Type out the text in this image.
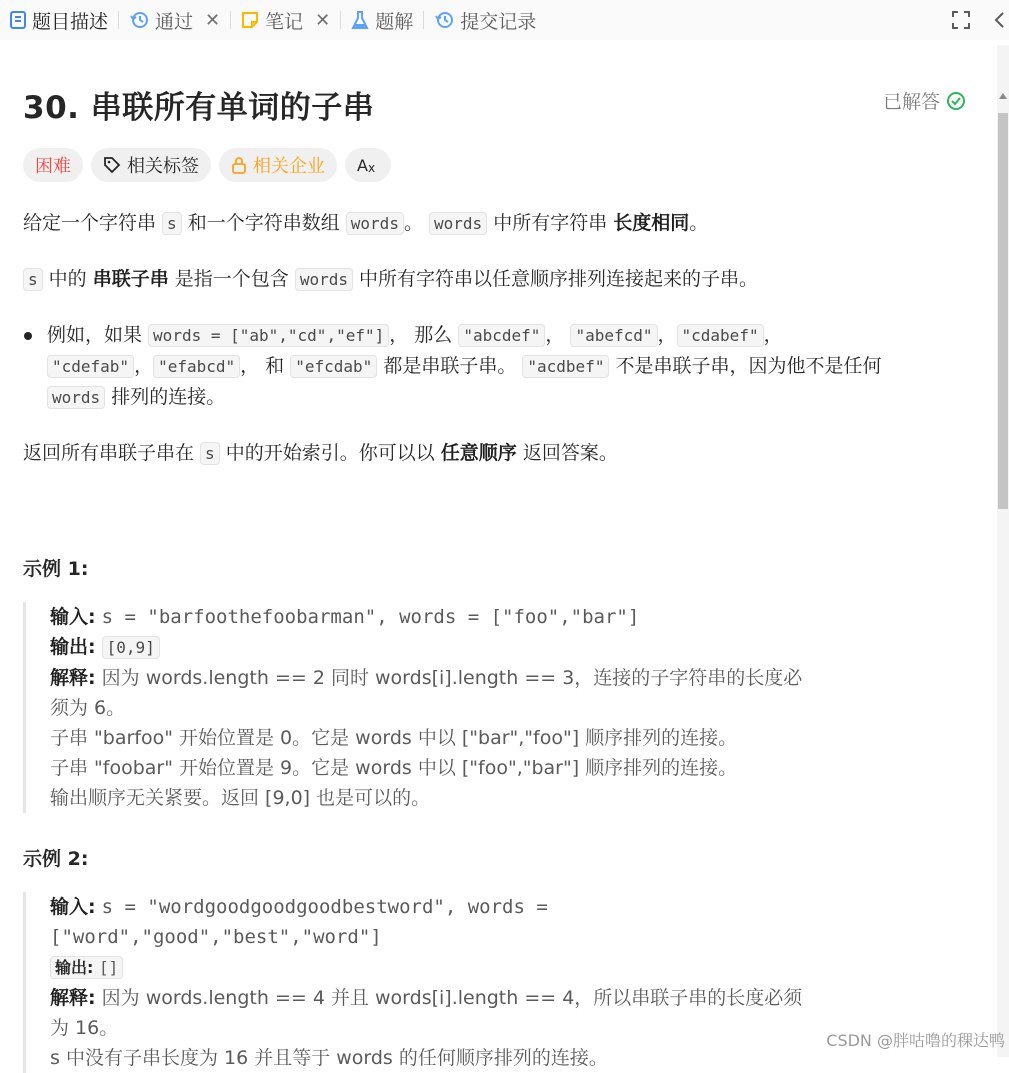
题目描述 通过 ✕ 笔记 ✕ 题解 提交记录
30. 串联所有单词的子串	已解答
困难	相关标签	相关企业 A x
给定一个字符串 s 和一个字符串数组 words 。 words 中所有字符串 长度相同。
s 中的 串联子串 是指一个包含 words 中所有字符串以任意顺序排列连接起来的子串。
例如，如果 words = ["ab","cd","ef"] ， 那么 "abcdef" ， "abefcd" ， "cdabef" ， "cdefab" ， "efabcd" ， 和 "efcdab" 都是串联子串。 "acdbef" 不是串联子串，因为他不是任何 words 排列的连接。
返回所有串联子串在 s 中的开始索引。你可以以 任意顺序 返回答案。
示例 1:
输入: s = "barfoothefoobarman", words = ["foo","bar"]
输出: [0,9]
解释: 因为 words.length == 2 同时 words[i].length == 3，连接的子字符串的长度必
须为 6。
子串 "barfoo" 开始位置是 0。它是 words 中以 ["bar","foo"] 顺序排列的连接。
子串 "foobar" 开始位置是 9。它是 words 中以 ["foo","bar"] 顺序排列的连接。
输出顺序无关紧要。返回 [9,0] 也是可以的。
示例 2:
输入: s = "wordgoodgoodgoodbestword", words =
["word","good","best","word"]
输出: []
解释: 因为 words.length == 4 并且 words[i].length == 4，所以串联子串的长度必须
为 16。
s 中没有子串长度为 16 并且等于 words 的任何顺序排列的连接。
CSDN @胖咕噜的稞达鸭
